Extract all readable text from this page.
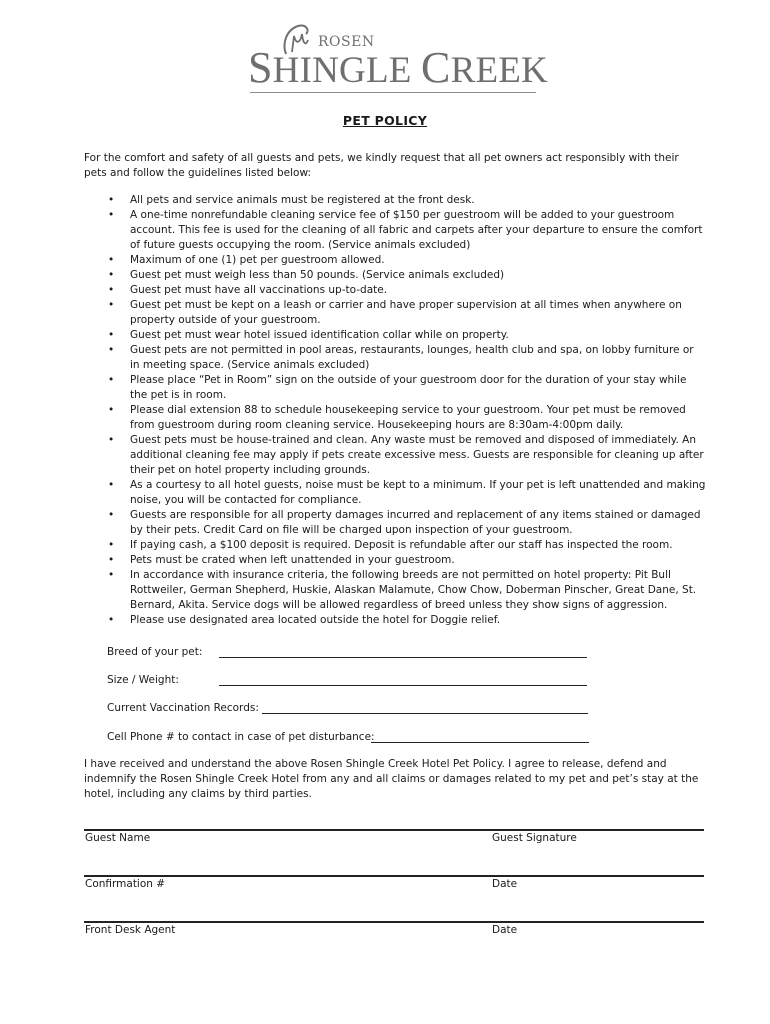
ROSEN
SHINGLE CREEK
PET POLICY
For the comfort and safety of all guests and pets, we kindly request that all pet owners act responsibly with their pets and follow the guidelines listed below:
• All pets and service animals must be registered at the front desk.
• A one-time nonrefundable cleaning service fee of $150 per guestroom will be added to your guestroom account. This fee is used for the cleaning of all fabric and carpets after your departure to ensure the comfort of future guests occupying the room. (Service animals excluded)
• Maximum of one (1) pet per guestroom allowed.
• Guest pet must weigh less than 50 pounds. (Service animals excluded)
• Guest pet must have all vaccinations up-to-date.
• Guest pet must be kept on a leash or carrier and have proper supervision at all times when anywhere on property outside of your guestroom.
• Guest pet must wear hotel issued identification collar while on property.
• Guest pets are not permitted in pool areas, restaurants, lounges, health club and spa, on lobby furniture or in meeting space. (Service animals excluded)
• Please place “Pet in Room” sign on the outside of your guestroom door for the duration of your stay while the pet is in room.
• Please dial extension 88 to schedule housekeeping service to your guestroom. Your pet must be removed from guestroom during room cleaning service. Housekeeping hours are 8:30am-4:00pm daily.
• Guest pets must be house-trained and clean. Any waste must be removed and disposed of immediately. An additional cleaning fee may apply if pets create excessive mess. Guests are responsible for cleaning up after their pet on hotel property including grounds.
• As a courtesy to all hotel guests, noise must be kept to a minimum. If your pet is left unattended and making noise, you will be contacted for compliance.
• Guests are responsible for all property damages incurred and replacement of any items stained or damaged by their pets. Credit Card on file will be charged upon inspection of your guestroom.
• If paying cash, a $100 deposit is required. Deposit is refundable after our staff has inspected the room.
• Pets must be crated when left unattended in your guestroom.
• In accordance with insurance criteria, the following breeds are not permitted on hotel property: Pit Bull Rottweiler, German Shepherd, Huskie, Alaskan Malamute, Chow Chow, Doberman Pinscher, Great Dane, St. Bernard, Akita. Service dogs will be allowed regardless of breed unless they show signs of aggression.
• Please use designated area located outside the hotel for Doggie relief.
Breed of your pet:
Size / Weight:
Current Vaccination Records:
Cell Phone # to contact in case of pet disturbance:
I have received and understand the above Rosen Shingle Creek Hotel Pet Policy. I agree to release, defend and indemnify the Rosen Shingle Creek Hotel from any and all claims or damages related to my pet and pet’s stay at the hotel, including any claims by third parties.
Guest Name	Guest Signature
Confirmation #	Date
Front Desk Agent	Date
